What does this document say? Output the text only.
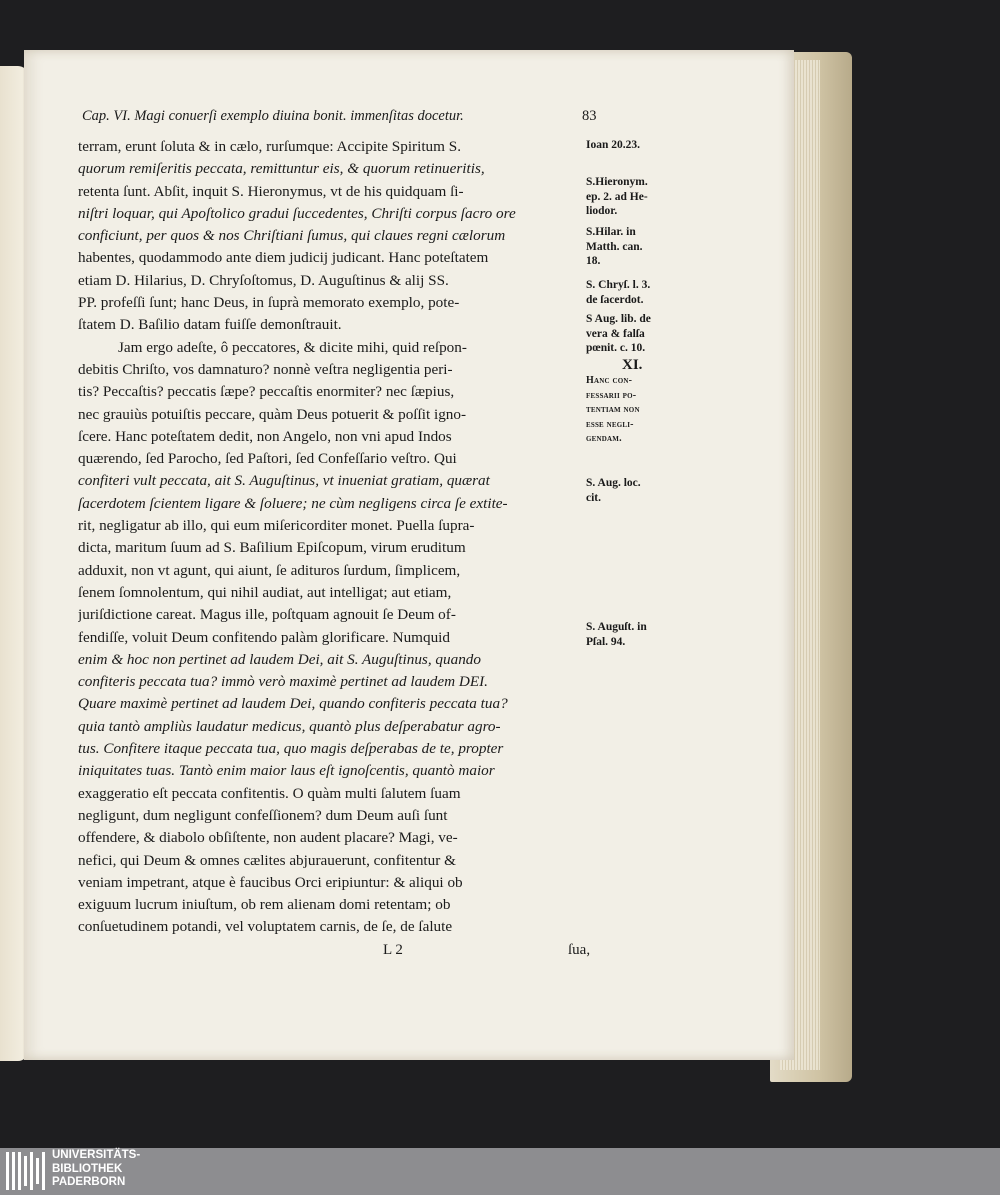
Cap. VI. Magi conuerſi exemplo diuina bonit. immenſitas docetur.	83
terram, erunt ſoluta & in cælo, rurſumque: Accipite Spiritum S.
quorum remiſeritis peccata, remittuntur eis, & quorum retinueritis,
retenta ſunt. Abſit, inquit S. Hieronymus, vt de his quidquam ſi-
niſtri loquar, qui Apoſtolico gradui ſuccedentes, Chriſti corpus ſacro ore
conficiunt, per quos & nos Chriſtiani ſumus, qui claues regni cælorum
habentes, quodammodo ante diem judicij judicant. Hanc poteſtatem
etiam D. Hilarius, D. Chryſoſtomus, D. Auguſtinus & alij SS.
PP. profeſſi ſunt; hanc Deus, in ſuprà memorato exemplo, pote-
ſtatem D. Baſilio datam fuiſſe demonſtrauit.
Jam ergo adeſte, ô peccatores, & dicite mihi, quid reſpon-
debitis Chriſto, vos damnaturo? nonnè veſtra negligentia peri-
tis? Peccaſtis? peccatis ſæpe? peccaſtis enormiter? nec ſæpius,
nec grauiùs potuiſtis peccare, quàm Deus potuerit & poſſit igno-
ſcere. Hanc poteſtatem dedit, non Angelo, non vni apud Indos
quærendo, ſed Parocho, ſed Paſtori, ſed Confeſſario veſtro. Qui
confiteri vult peccata, ait S. Auguſtinus, vt inueniat gratiam, quærat
ſacerdotem ſcientem ligare & ſoluere; ne cùm negligens circa ſe extite-
rit, negligatur ab illo, qui eum miſericorditer monet. Puella ſupra-
dicta, maritum ſuum ad S. Baſilium Epiſcopum, virum eruditum
adduxit, non vt agunt, qui aiunt, ſe adituros ſurdum, ſimplicem,
ſenem ſomnolentum, qui nihil audiat, aut intelligat; aut etiam,
juriſdictione careat. Magus ille, poſtquam agnouit ſe Deum of-
fendiſſe, voluit Deum confitendo palàm glorificare. Numquid
enim & hoc non pertinet ad laudem Dei, ait S. Auguſtinus, quando
confiteris peccata tua? immò verò maximè pertinet ad laudem DEI.
Quare maximè pertinet ad laudem Dei, quando confiteris peccata tua?
quia tantò ampliùs laudatur medicus, quantò plus deſperabatur agro-
tus. Confitere itaque peccata tua, quo magis deſperabas de te, propter
iniquitates tuas. Tantò enim maior laus eſt ignoſcentis, quantò maior
exaggeratio eſt peccata confitentis. O quàm multi ſalutem ſuam
negligunt, dum negligunt confeſſionem? dum Deum auſi ſunt
offendere, & diabolo obſiſtente, non audent placare? Magi, ve-
nefici, qui Deum & omnes cælites abjurauerunt, confitentur &
veniam impetrant, atque è faucibus Orci eripiuntur: & aliqui ob
exiguum lucrum iniuſtum, ob rem alienam domi retentam; ob
conſuetudinem potandi, vel voluptatem carnis, de ſe, de ſalute
Ioan 20.23.
S.Hieronym.
ep. 2. ad He-
liodor.
S.Hilar. in
Matth. can.
18.
S. Chryſ. l. 3.
de ſacerdot.
S Aug. lib. de
vera & falſa
pœnit. c. 10.
XI.
Hanc con-
feſſarii po-
tentiam non
eſſe negli-
gendam.
S. Aug. loc.
cit.
S. Auguſt. in
Pſal. 94.
L 2	ſua,
UNIVERSITÄTS-
BIBLIOTHEK
PADERBORN
